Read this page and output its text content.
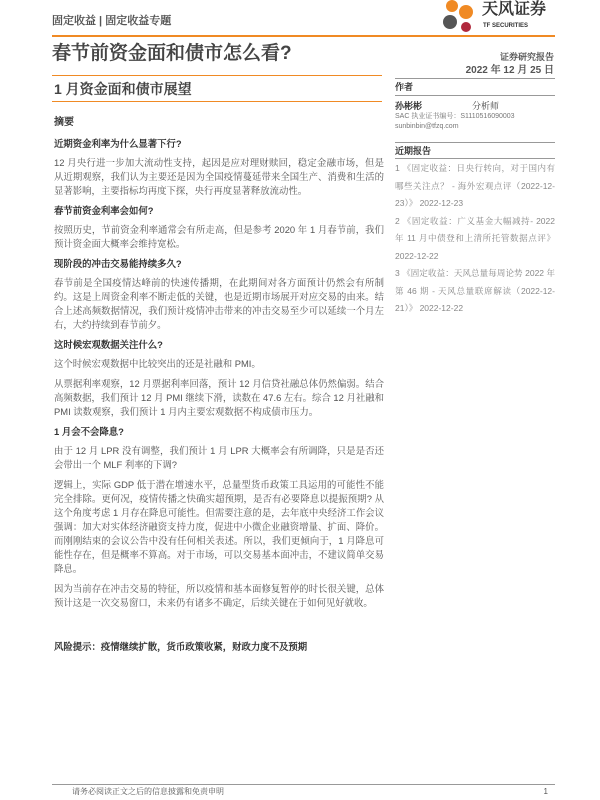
固定收益 | 固定收益专题
天风证券
TF SECURITIES
春节前资金面和债市怎么看?	证券研究报告
2022 年 12 月 25 日
1 月资金面和债市展望
摘要
近期资金利率为什么显著下行?

12 月央行进一步加大流动性支持，起因是应对理财赎回，稳定金融市场，但是从近期观察，我们认为主要还是因为全国疫情蔓延带来全国生产、消费和生活的显著影响，主要指标均再度下探，央行再度显著释放流动性。

春节前资金利率会如何?

按照历史，节前资金利率通常会有所走高，但是参考 2020 年 1 月春节前，我们预计资金面大概率会维持宽松。

现阶段的冲击交易能持续多久?

春节前是全国疫情达峰前的快速传播期，在此期间对各方面预计仍然会有所制约。这是上周资金利率不断走低的关键，也是近期市场展开对应交易的由来。结合上述高频数据情况，我们预计疫情冲击带来的冲击交易至少可以延续一个月左右，大约持续到春节前夕。

这时候宏观数据关注什么?

这个时候宏观数据中比较突出的还是社融和 PMI。

从票据利率观察，12 月票据利率回落，预计 12 月信贷社融总体仍然偏弱。结合高频数据，我们预计 12 月 PMI 继续下滑，读数在 47.6 左右。综合 12 月社融和 PMI 读数观察，我们预计 1 月内主要宏观数据不构成债市压力。

1 月会不会降息?

由于 12 月 LPR 没有调整，我们预计 1 月 LPR 大概率会有所调降，只是是否还会带出一个 MLF 利率的下调?

逻辑上，实际 GDP 低于潜在增速水平，总量型货币政策工具运用的可能性不能完全排除。更何况，疫情传播之快确实超预期，是否有必要降息以提振预期? 从这个角度考虑 1 月存在降息可能性。但需要注意的是，去年底中央经济工作会议强调：加大对实体经济融资支持力度，促进中小微企业融资增量、扩面、降价。而刚刚结束的会议公告中没有任何相关表述。所以，我们更倾向于，1 月降息可能性存在，但是概率不算高。对于市场，可以交易基本面冲击，不建议简单交易降息。

因为当前存在冲击交易的特征，所以疫情和基本面修复暂停的时长很关键，总体预计这是一次交易窗口，未来仍有诸多不确定，后续关键在于如何见好就收。

风险提示：疫情继续扩散，货币政策收紧，财政力度不及预期
作者
孙彬彬	分析师
SAC 执业证书编号：S1110516090003
sunbinbin@tfzq.com
近期报告
1 《固定收益：日央行转向，对于国内有哪些关注点？ - 海外宏观点评（2022-12-23）》 2022-12-23
2 《固定收益：广义基金大幅减持- 2022 年 11 月中债登和上清所托管数据点评》 2022-12-22
3 《固定收益：天风总量每周论势 2022 年第 46 期 - 天风总量联席解读（2022-12-21）》 2022-12-22
请务必阅读正文之后的信息披露和免责申明	1
